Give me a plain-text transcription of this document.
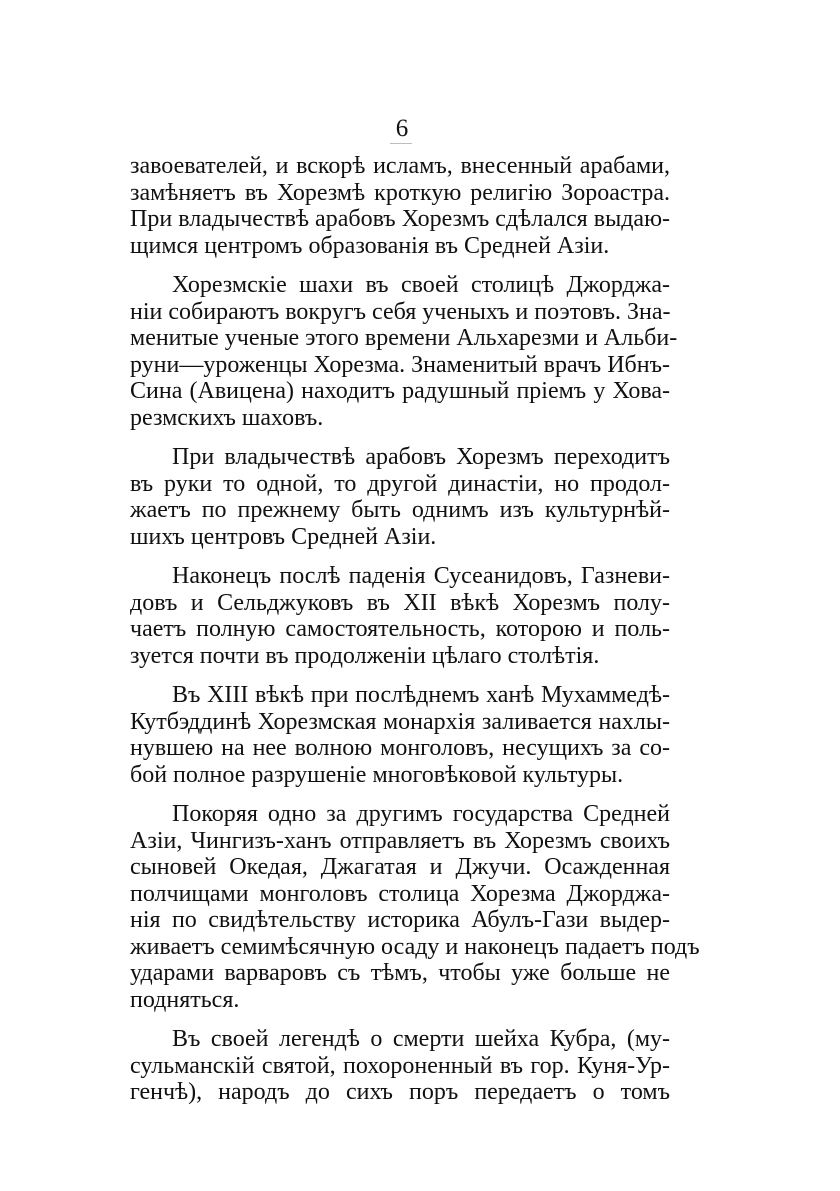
6
завоевателей, и вскорѣ исламъ, внесенный арабами,
замѣняетъ въ Хорезмѣ кроткую религію Зороастра.
При владычествѣ арабовъ Хорезмъ сдѣлался выдаю-
щимся центромъ образованія въ Средней Азіи.
Хорезмскіе шахи въ своей столицѣ Джорджа-
ніи собираютъ вокругъ себя ученыхъ и поэтовъ. Зна-
менитые ученые этого времени Альхарезми и Альби-
руни—уроженцы Хорезма. Знаменитый врачъ Ибнъ-
Сина (Авицена) находитъ радушный пріемъ у Хова-
резмскихъ шаховъ.
При владычествѣ арабовъ Хорезмъ переходитъ
въ руки то одной, то другой династіи, но продол-
жаетъ по прежнему быть однимъ изъ культурнѣй-
шихъ центровъ Средней Азіи.
Наконецъ послѣ паденія Сусеанидовъ, Газневи-
довъ и Сельджуковъ въ XII вѣкѣ Хорезмъ полу-
чаетъ полную самостоятельность, которою и поль-
зуется почти въ продолженіи цѣлаго столѣтія.
Въ XIII вѣкѣ при послѣднемъ ханѣ Мухаммедѣ-
Кутбэддинѣ Хорезмская монархія заливается нахлы-
нувшею на нее волною монголовъ, несущихъ за со-
бой полное разрушеніе многовѣковой культуры.
Покоряя одно за другимъ государства Средней
Азіи, Чингизъ-ханъ отправляетъ въ Хорезмъ своихъ
сыновей Окедая, Джагатая и Джучи. Осажденная
полчищами монголовъ столица Хорезма Джорджа-
нія по свидѣтельству историка Абулъ-Гази выдер-
живаетъ семимѣсячную осаду и наконецъ падаетъ подъ
ударами варваровъ съ тѣмъ, чтобы уже больше не
подняться.
Въ своей легендѣ о смерти шейха Кубра, (му-
сульманскій святой, похороненный въ гор. Куня-Ур-
генчѣ), народъ до сихъ поръ передаетъ о томъ
